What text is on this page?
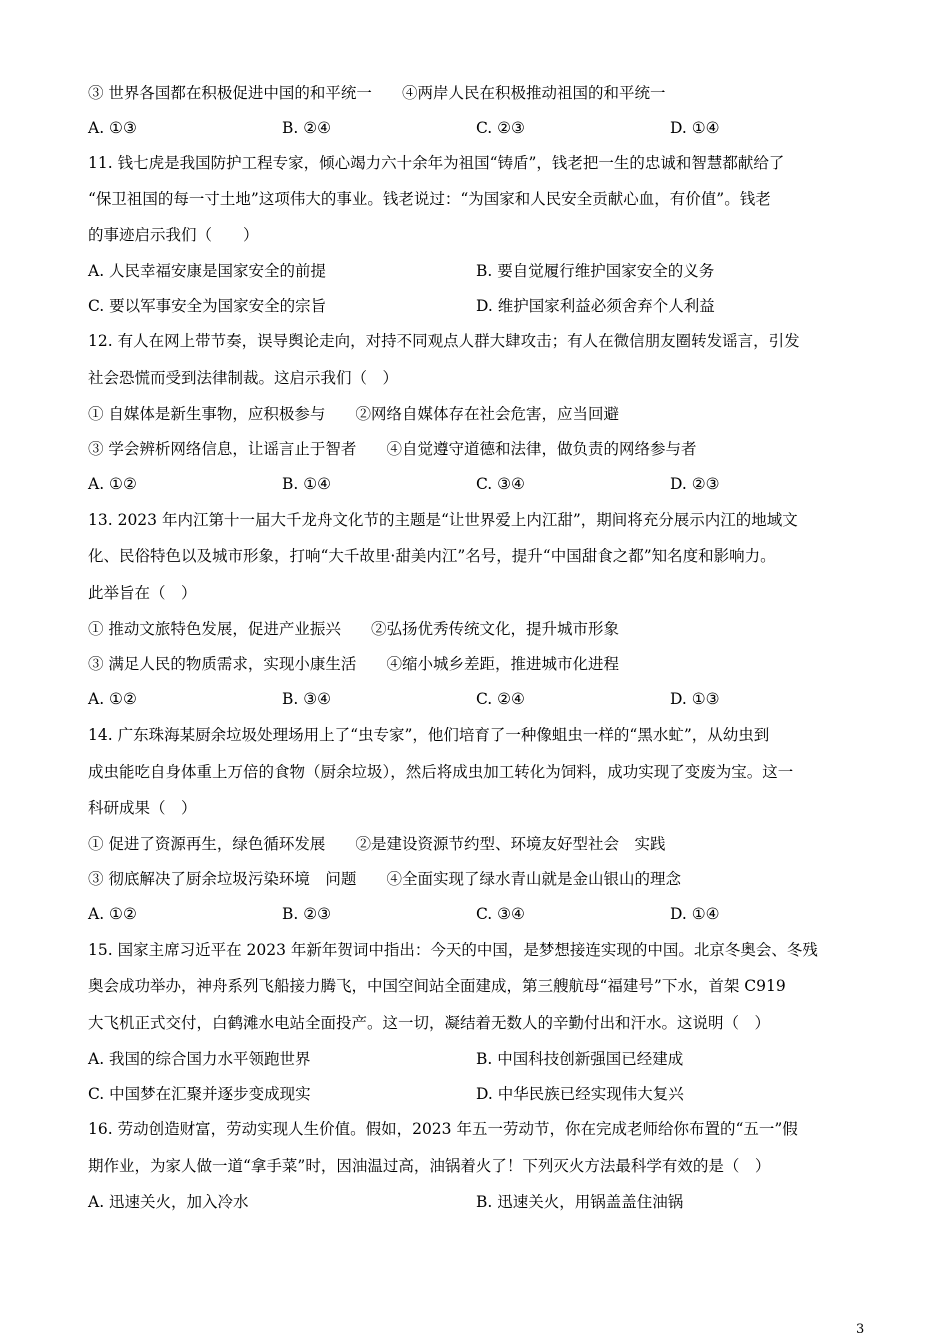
③ 世界各国都在积极促进中国的和平统一 ④两岸人民在积极推动祖国的和平统一
A. ①③	B. ②④	C. ②③	D. ①④
11. 钱七虎是我国防护工程专家，倾心竭力六十余年为祖国“铸盾”，钱老把一生的忠诚和智慧都献给了
“保卫祖国的每一寸土地”这项伟大的事业。钱老说过：“为国家和人民安全贡献心血，有价值”。钱老
的事迹启示我们（　　）
A. 人民幸福安康是国家安全的前提	B. 要自觉履行维护国家安全的义务
C. 要以军事安全为国家安全的宗旨	D. 维护国家利益必须舍弃个人利益
12. 有人在网上带节奏，误导舆论走向，对持不同观点人群大肆攻击；有人在微信朋友圈转发谣言，引发
社会恐慌而受到法律制裁。这启示我们（　）
① 自媒体是新生事物，应积极参与 ②网络自媒体存在社会危害，应当回避
③ 学会辨析网络信息，让谣言止于智者 ④自觉遵守道德和法律，做负责的网络参与者
A. ①②	B. ①④	C. ③④	D. ②③
13. 2023 年内江第十一届大千龙舟文化节的主题是“让世界爱上内江甜”，期间将充分展示内江的地域文
化、民俗特色以及城市形象，打响“大千故里·甜美内江”名号，提升“中国甜食之都”知名度和影响力。
此举旨在（　）
① 推动文旅特色发展，促进产业振兴 ②弘扬优秀传统文化，提升城市形象
③ 满足人民的物质需求，实现小康生活 ④缩小城乡差距，推进城市化进程
A. ①②	B. ③④	C. ②④	D. ①③
14. 广东珠海某厨余垃圾处理场用上了“虫专家”，他们培育了一种像蛆虫一样的“黑水虻”，从幼虫到
成虫能吃自身体重上万倍的食物（厨余垃圾），然后将成虫加工转化为饲料，成功实现了变废为宝。这一
科研成果（　）
① 促进了资源再生，绿色循环发展 ②是建设资源节约型、环境友好型社会　实践
③ 彻底解决了厨余垃圾污染环境　问题 ④全面实现了绿水青山就是金山银山的理念
A. ①②	B. ②③	C. ③④	D. ①④
15. 国家主席习近平在 2023 年新年贺词中指出：今天的中国，是梦想接连实现的中国。北京冬奥会、冬残
奥会成功举办，神舟系列飞船接力腾飞，中国空间站全面建成，第三艘航母“福建号”下水，首架 C919
大飞机正式交付，白鹤滩水电站全面投产。这一切，凝结着无数人的辛勤付出和汗水。这说明（　）
A. 我国的综合国力水平领跑世界	B. 中国科技创新强国已经建成
C. 中国梦在汇聚并逐步变成现实	D. 中华民族已经实现伟大复兴
16. 劳动创造财富，劳动实现人生价值。假如，2023 年五一劳动节，你在完成老师给你布置的“五一”假
期作业，为家人做一道“拿手菜”时，因油温过高，油锅着火了！下列灭火方法最科学有效的是（　）
A. 迅速关火，加入冷水	B. 迅速关火，用锅盖盖住油锅
3
